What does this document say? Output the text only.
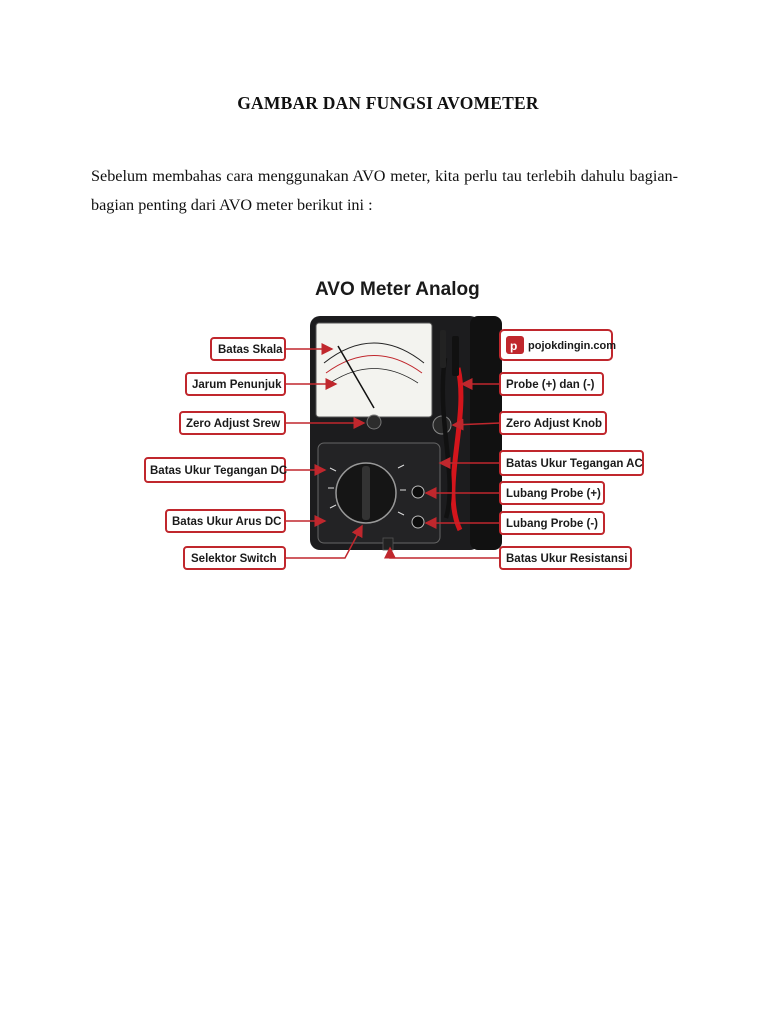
GAMBAR DAN FUNGSI AVOMETER

Sebelum membahas cara menggunakan AVO meter, kita perlu tau terlebih dahulu bagian-bagian penting dari AVO meter berikut ini :

AVO Meter Analog
p pojokdingin.com
Batas Skala
Jarum Penunjuk
Zero Adjust Srew
Batas Ukur Tegangan DC
Batas Ukur Arus DC
Selektor Switch
Probe (+) dan (-)
Zero Adjust Knob
Batas Ukur Tegangan AC
Lubang Probe (+)
Lubang Probe (-)
Batas Ukur Resistansi
